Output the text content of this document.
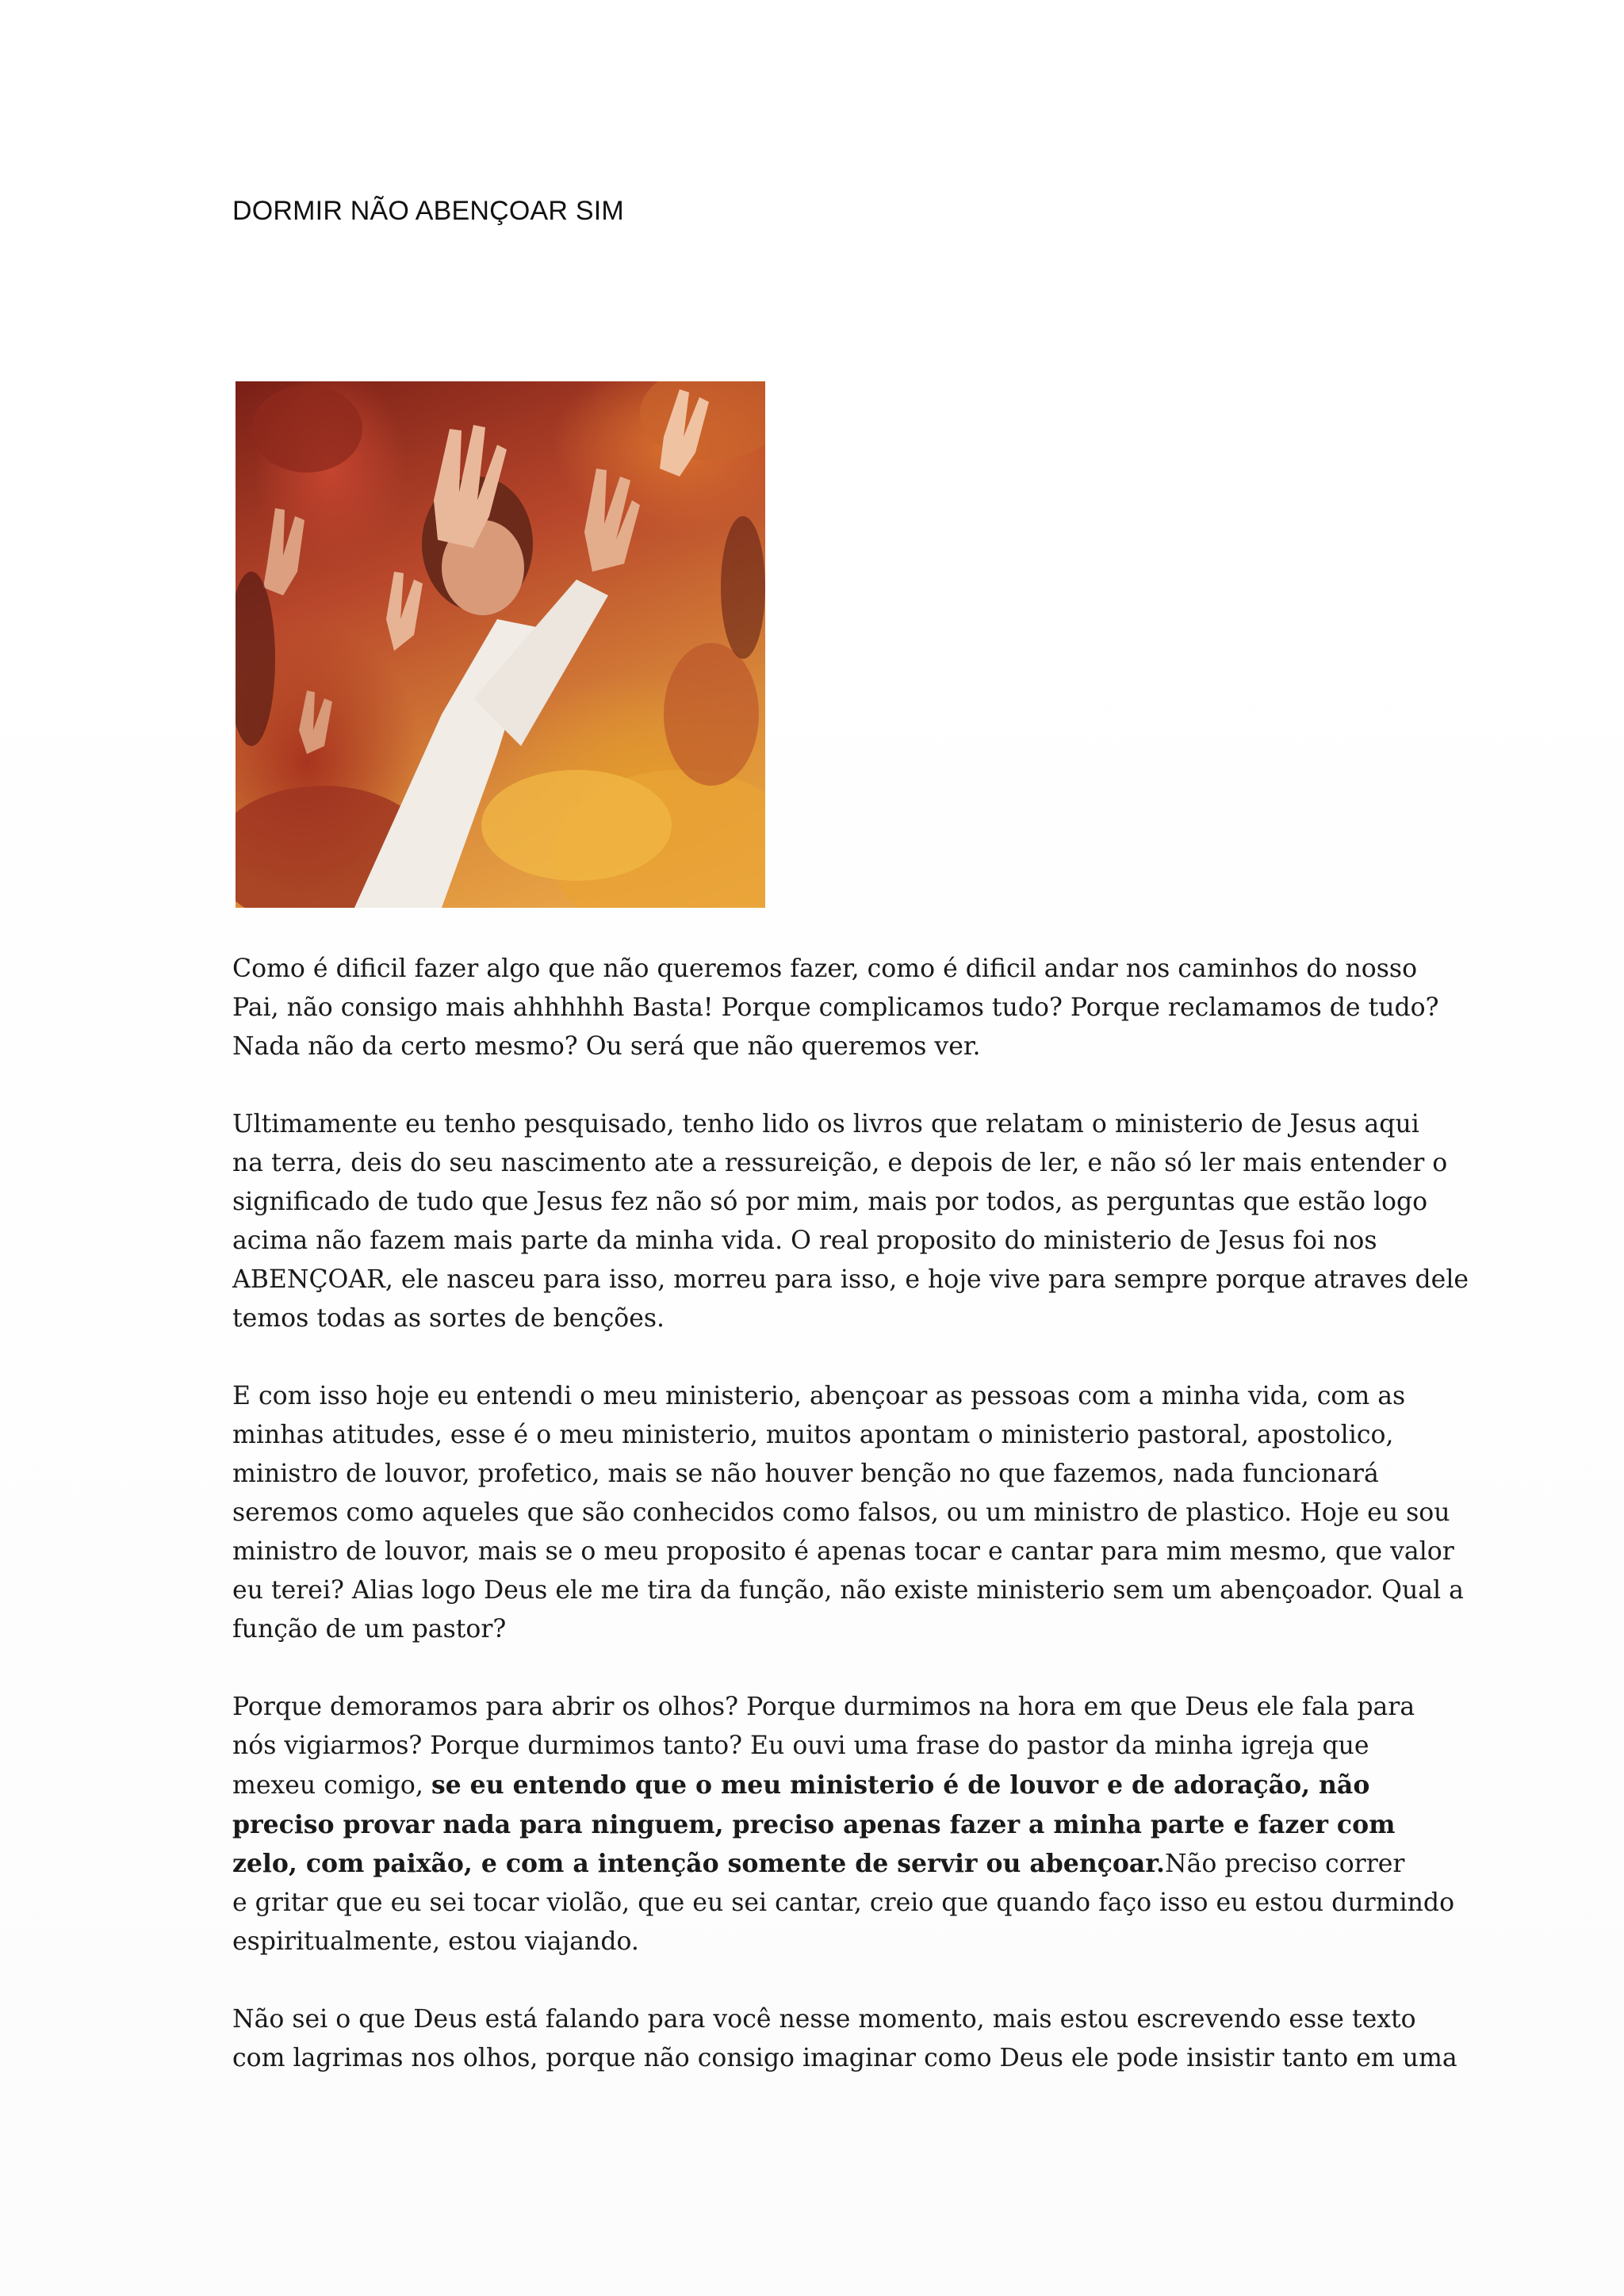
DORMIR NÃO ABENÇOAR SIM

Como é dificil fazer algo que não queremos fazer, como é dificil andar nos caminhos do nosso
Pai, não consigo mais ahhhhhh Basta! Porque complicamos tudo? Porque reclamamos de tudo?
Nada não da certo mesmo? Ou será que não queremos ver.

Ultimamente eu tenho pesquisado, tenho lido os livros que relatam o ministerio de Jesus aqui
na terra, deis do seu nascimento ate a ressureição, e depois de ler, e não só ler mais entender o
significado de tudo que Jesus fez não só por mim, mais por todos, as perguntas que estão logo
acima não fazem mais parte da minha vida. O real proposito do ministerio de Jesus foi nos
ABENÇOAR, ele nasceu para isso, morreu para isso, e hoje vive para sempre porque atraves dele
temos todas as sortes de benções.

E com isso hoje eu entendi o meu ministerio, abençoar as pessoas com a minha vida, com as
minhas atitudes, esse é o meu ministerio, muitos apontam o ministerio pastoral, apostolico,
ministro de louvor, profetico, mais se não houver benção no que fazemos, nada funcionará
seremos como aqueles que são conhecidos como falsos, ou um ministro de plastico. Hoje eu sou
ministro de louvor, mais se o meu proposito é apenas tocar e cantar para mim mesmo, que valor
eu terei? Alias logo Deus ele me tira da função, não existe ministerio sem um abençoador. Qual a
função de um pastor?

Porque demoramos para abrir os olhos? Porque durmimos na hora em que Deus ele fala para
nós vigiarmos? Porque durmimos tanto? Eu ouvi uma frase do pastor da minha igreja que
mexeu comigo, se eu entendo que o meu ministerio é de louvor e de adoração, não
preciso provar nada para ninguem, preciso apenas fazer a minha parte e fazer com
zelo, com paixão, e com a intenção somente de servir ou abençoar.Não preciso correr
e gritar que eu sei tocar violão, que eu sei cantar, creio que quando faço isso eu estou durmindo
espiritualmente, estou viajando.

Não sei o que Deus está falando para você nesse momento, mais estou escrevendo esse texto
com lagrimas nos olhos, porque não consigo imaginar como Deus ele pode insistir tanto em uma
